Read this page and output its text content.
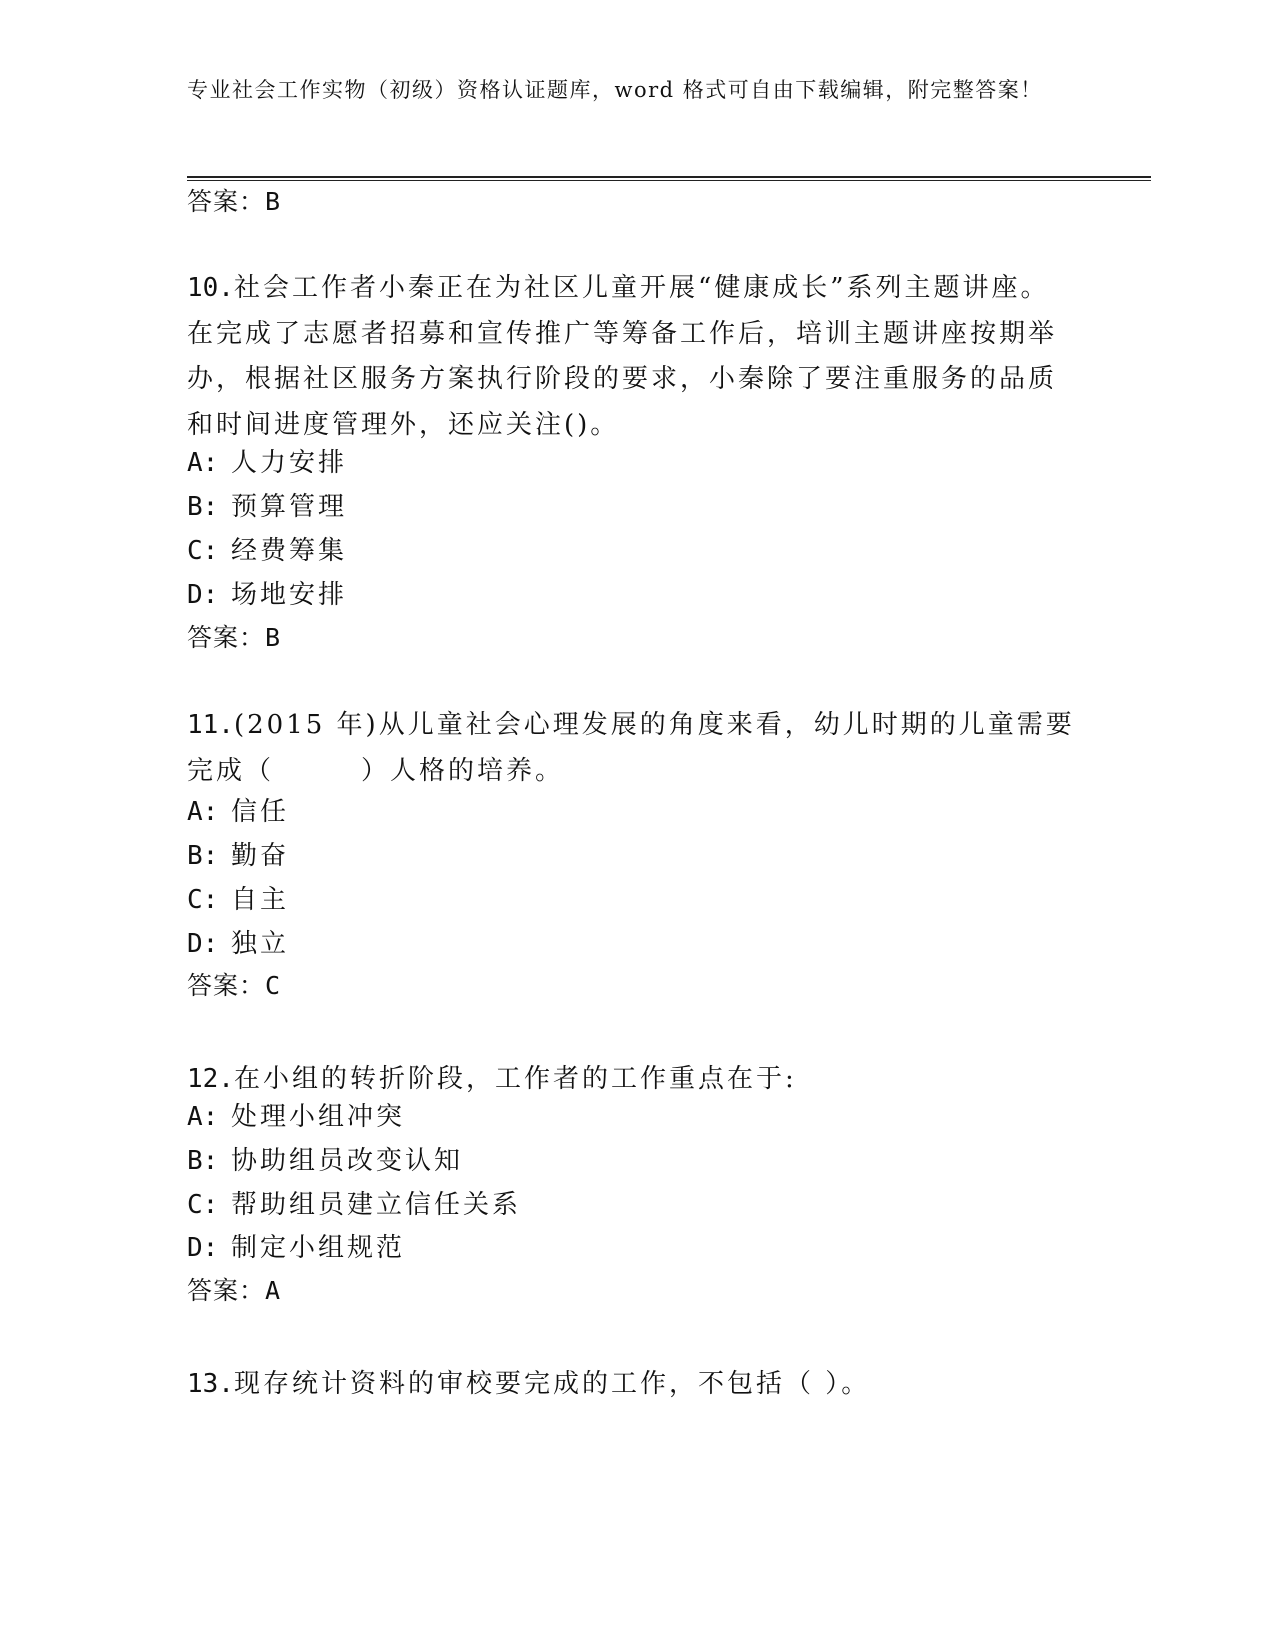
专业社会工作实物（初级）资格认证题库，word 格式可自由下载编辑，附完整答案！
答案：B
10.社会工作者小秦正在为社区儿童开展“健康成长”系列主题讲座。在完成了志愿者招募和宣传推广等筹备工作后，培训主题讲座按期举办，根据社区服务方案执行阶段的要求，小秦除了要注重服务的品质和时间进度管理外，还应关注()。
A: 人力安排
B: 预算管理
C: 经费筹集
D: 场地安排
答案：B
11.(2015 年)从儿童社会心理发展的角度来看，幼儿时期的儿童需要完成（　　　）人格的培养。
A: 信任
B: 勤奋
C: 自主
D: 独立
答案：C
12.在小组的转折阶段，工作者的工作重点在于:
A: 处理小组冲突
B: 协助组员改变认知
C: 帮助组员建立信任关系
D: 制定小组规范
答案：A
13.现存统计资料的审校要完成的工作，不包括（ ）。
